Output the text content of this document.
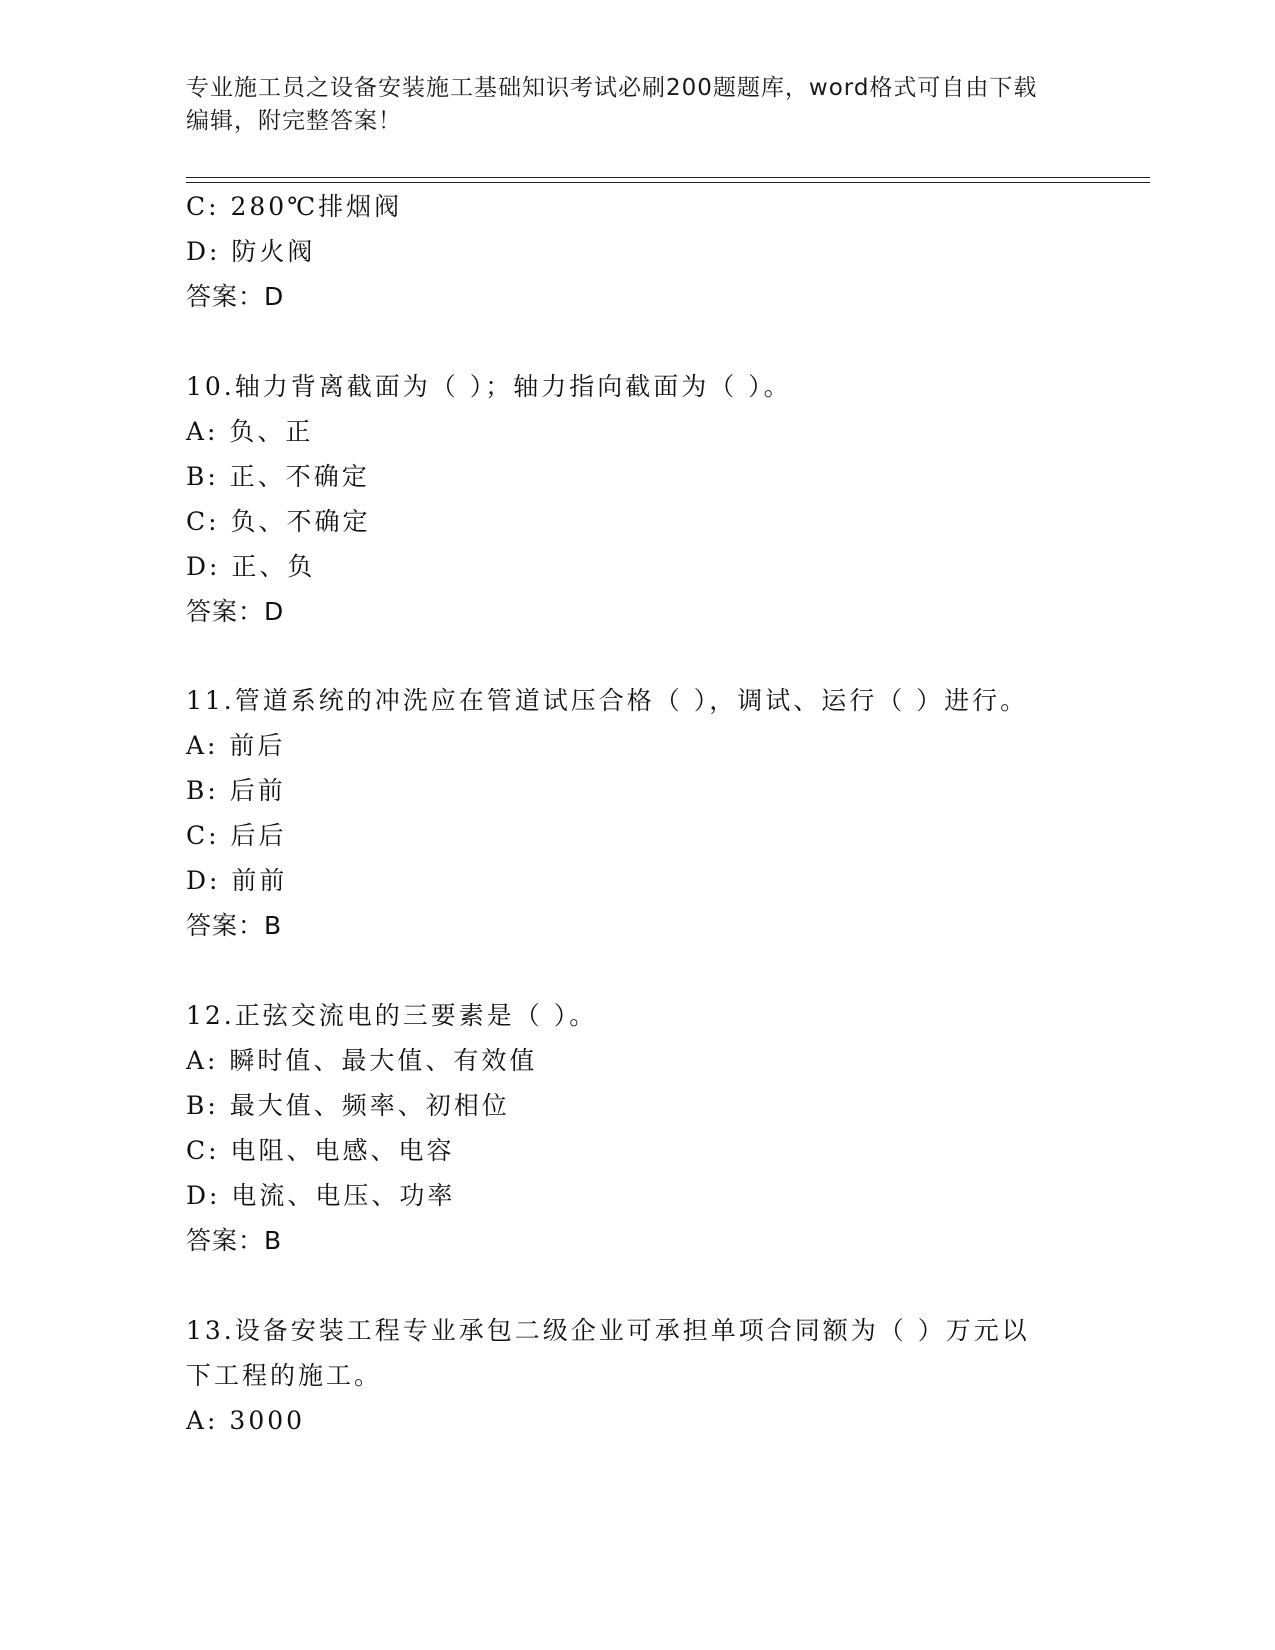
专业施工员之设备安装施工基础知识考试必刷200题题库，word格式可自由下载
编辑，附完整答案！
C: 280℃排烟阀
D: 防火阀
答案：D
10.轴力背离截面为（ ）；轴力指向截面为（ ）。
A: 负、正
B: 正、不确定
C: 负、不确定
D: 正、负
答案：D
11.管道系统的冲洗应在管道试压合格（ ），调试、运行（ ）进行。
A: 前后
B: 后前
C: 后后
D: 前前
答案：B
12.正弦交流电的三要素是（ ）。
A: 瞬时值、最大值、有效值
B: 最大值、频率、初相位
C: 电阻、电感、电容
D: 电流、电压、功率
答案：B
13.设备安装工程专业承包二级企业可承担单项合同额为（ ）万元以
下工程的施工。
A: 3000
